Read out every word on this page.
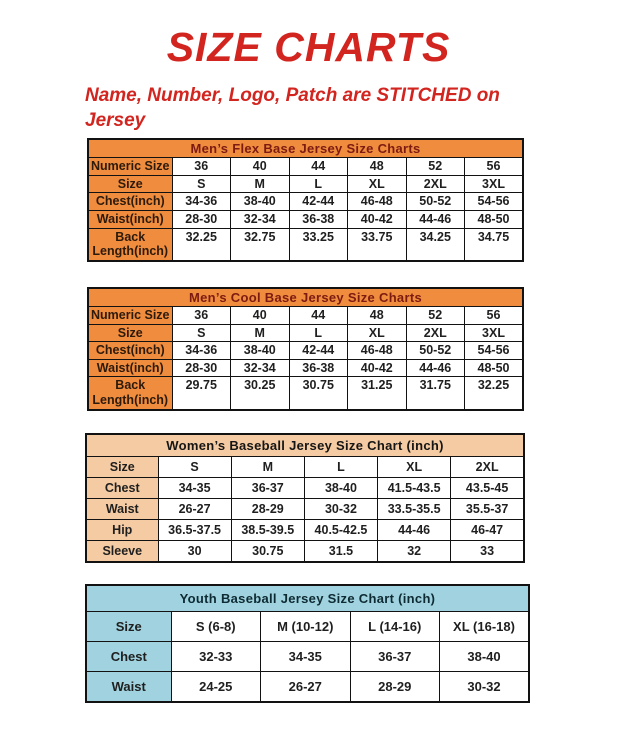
SIZE CHARTS

Name, Number, Logo, Patch are STITCHED on Jersey

Men’s Flex Base Jersey Size Charts						
Numeric Size	36	40	44	48	52	56
Size	S	M	L	XL	2XL	3XL
Chest(inch)	34-36	38-40	42-44	46-48	50-52	54-56
Waist(inch)	28-30	32-34	36-38	40-42	44-46	48-50
Back Length(inch)	32.25	32.75	33.25	33.75	34.25	34.75
Men’s Cool Base Jersey Size Charts						
Numeric Size	36	40	44	48	52	56
Size	S	M	L	XL	2XL	3XL
Chest(inch)	34-36	38-40	42-44	46-48	50-52	54-56
Waist(inch)	28-30	32-34	36-38	40-42	44-46	48-50
Back Length(inch)	29.75	30.25	30.75	31.25	31.75	32.25
Women’s Baseball Jersey Size Chart (inch)					
Size	S	M	L	XL	2XL
Chest	34-35	36-37	38-40	41.5-43.5	43.5-45
Waist	26-27	28-29	30-32	33.5-35.5	35.5-37
Hip	36.5-37.5	38.5-39.5	40.5-42.5	44-46	46-47
Sleeve	30	30.75	31.5	32	33
Youth Baseball Jersey Size Chart (inch)				
Size	S (6-8)	M (10-12)	L (14-16)	XL (16-18)
Chest	32-33	34-35	36-37	38-40
Waist	24-25	26-27	28-29	30-32
